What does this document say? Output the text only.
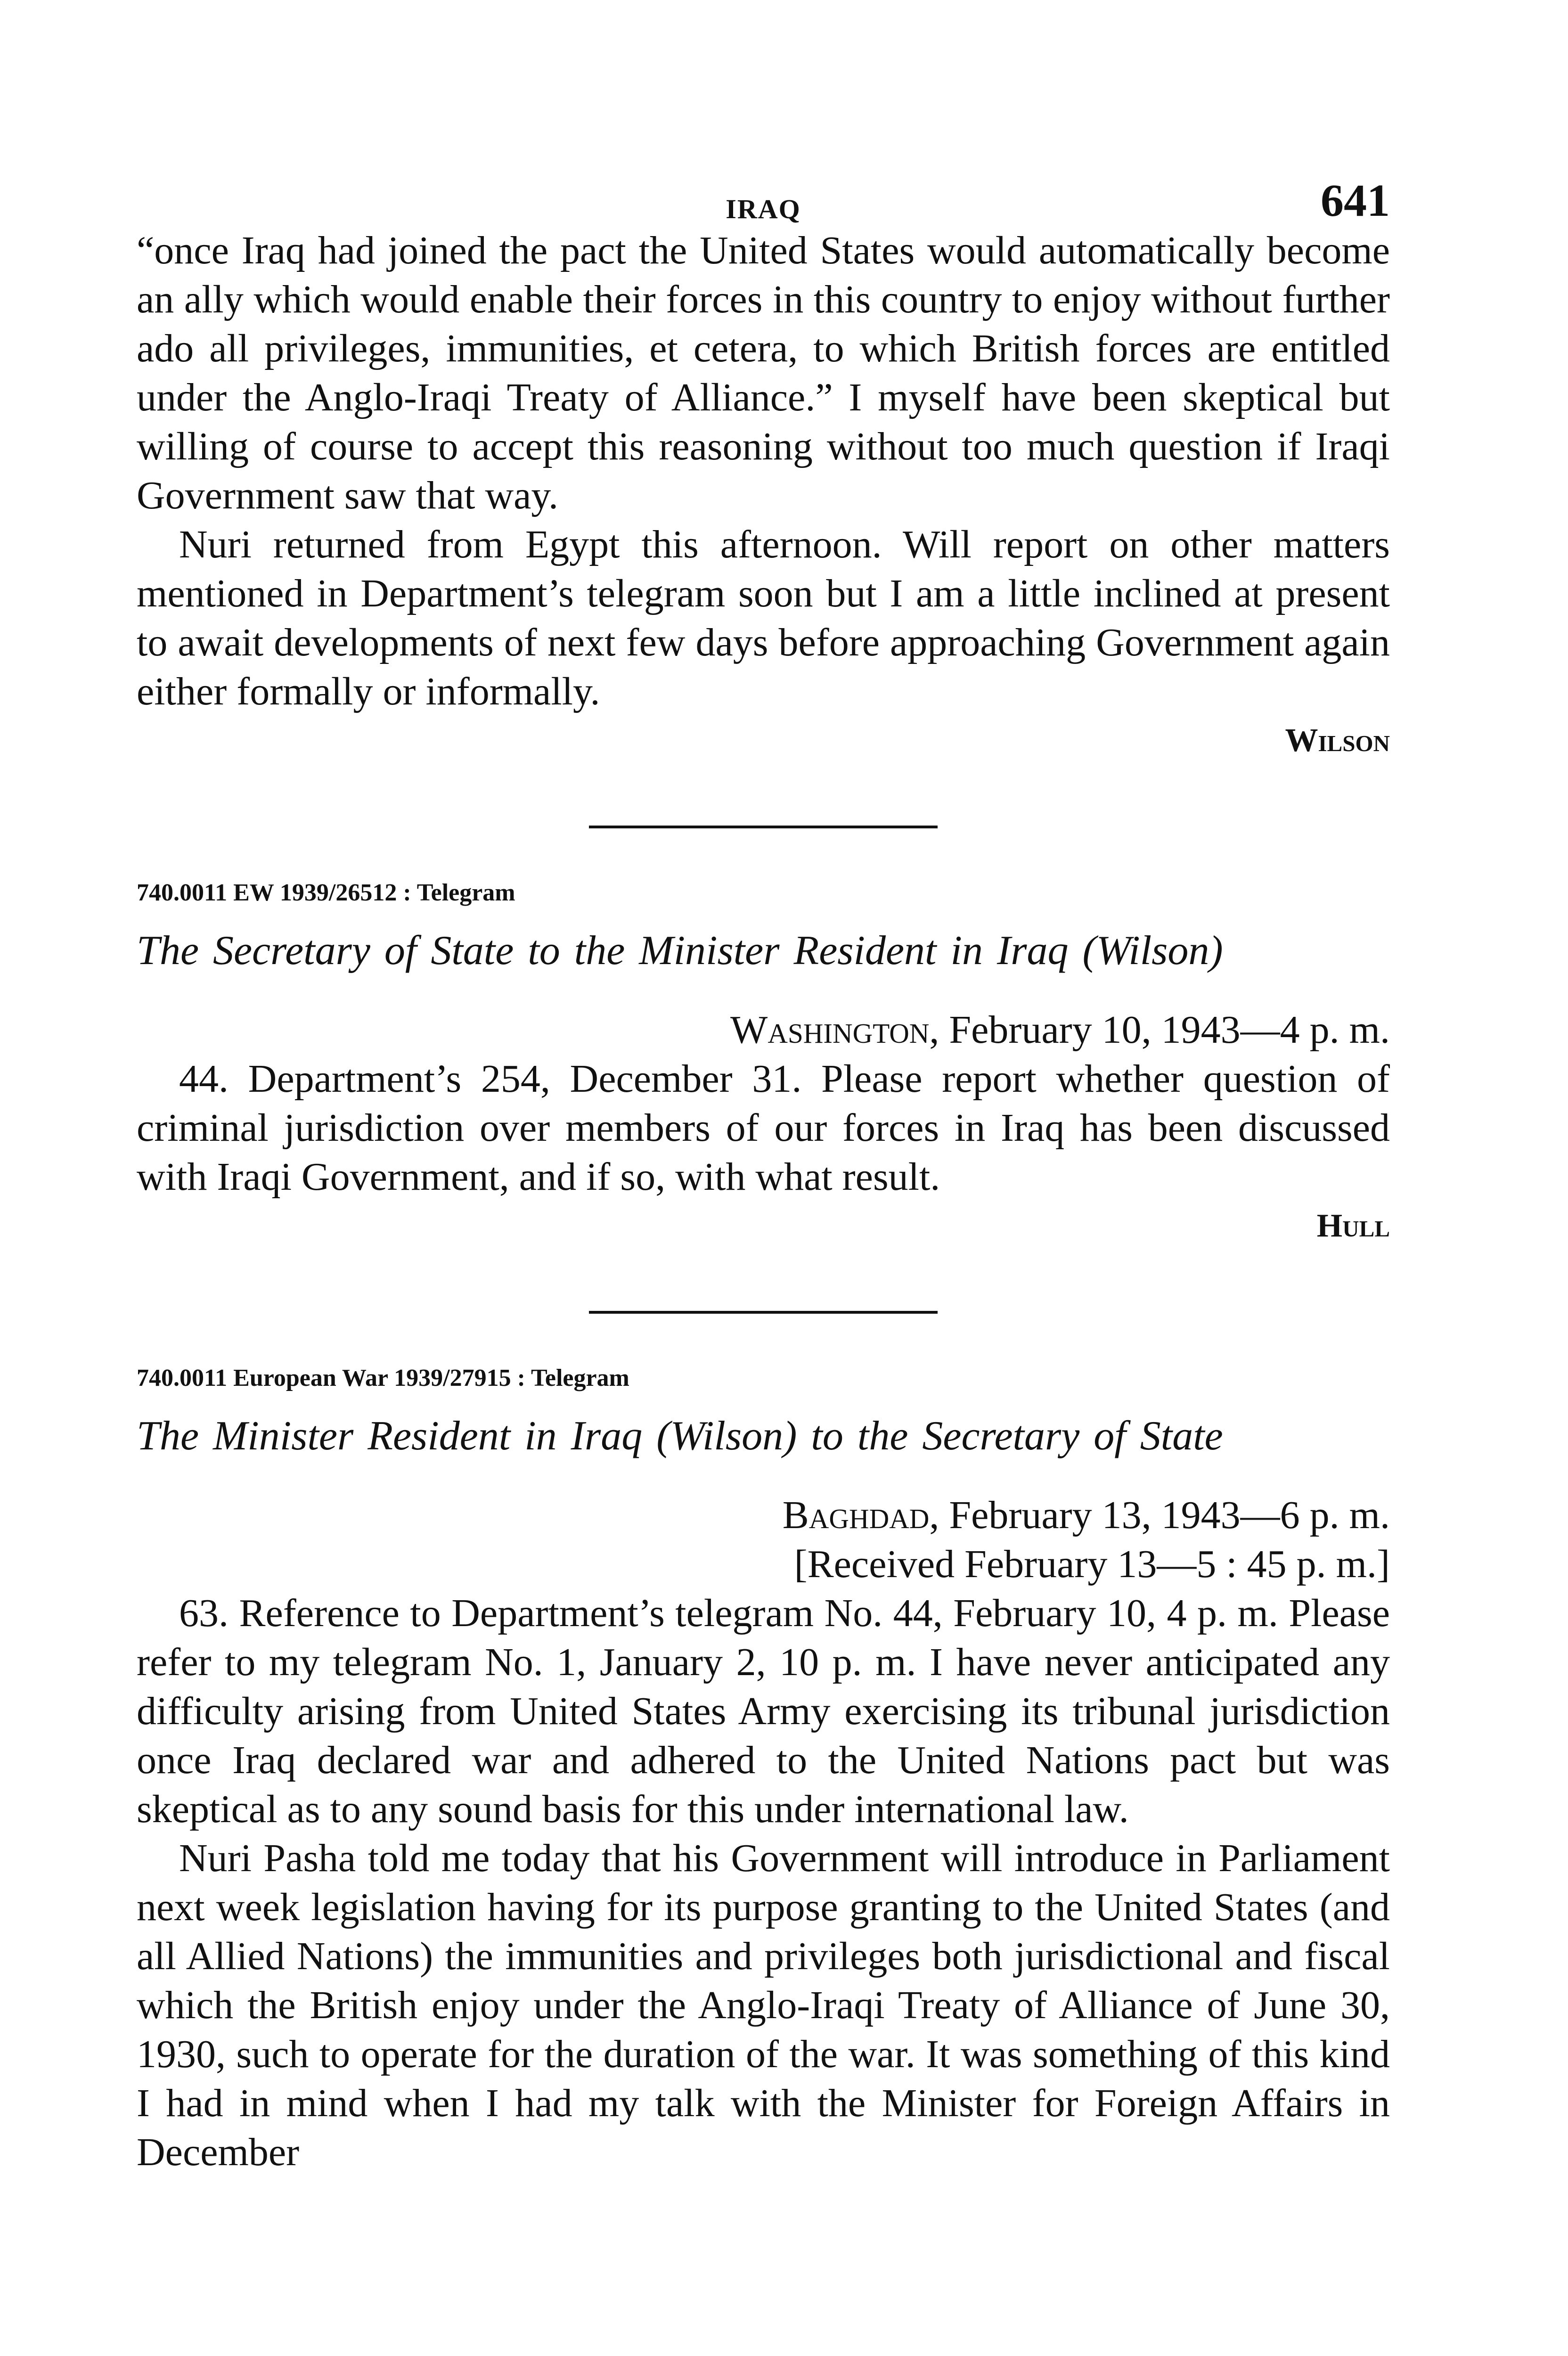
IRAQ	641

“once Iraq had joined the pact the United States would automatically become an ally which would enable their forces in this country to enjoy without further ado all privileges, immunities, et cetera, to which British forces are entitled under the Anglo-Iraqi Treaty of Alliance.” I myself have been skeptical but willing of course to accept this reasoning without too much question if Iraqi Government saw that way.

Nuri returned from Egypt this afternoon. Will report on other matters mentioned in Department’s telegram soon but I am a little inclined at present to await developments of next few days before approaching Government again either formally or informally.

Wilson
740.0011 EW 1939/26512 : Telegram
The Secretary of State to the Minister Resident in Iraq (Wilson)

Washington, February 10, 1943—4 p. m.

44. Department’s 254, December 31. Please report whether question of criminal jurisdiction over members of our forces in Iraq has been discussed with Iraqi Government, and if so, with what result.

Hull
740.0011 European War 1939/27915 : Telegram
The Minister Resident in Iraq (Wilson) to the Secretary of State

Baghdad, February 13, 1943—6 p. m.

[Received February 13—5 : 45 p. m.]

63. Reference to Department’s telegram No. 44, February 10, 4 p. m. Please refer to my telegram No. 1, January 2, 10 p. m. I have never anticipated any difficulty arising from United States Army exercising its tribunal jurisdiction once Iraq declared war and adhered to the United Nations pact but was skeptical as to any sound basis for this under international law.

Nuri Pasha told me today that his Government will introduce in Parliament next week legislation having for its purpose granting to the United States (and all Allied Nations) the immunities and privileges both jurisdictional and fiscal which the British enjoy under the Anglo-Iraqi Treaty of Alliance of June 30, 1930, such to operate for the duration of the war. It was something of this kind I had in mind when I had my talk with the Minister for Foreign Affairs in December
